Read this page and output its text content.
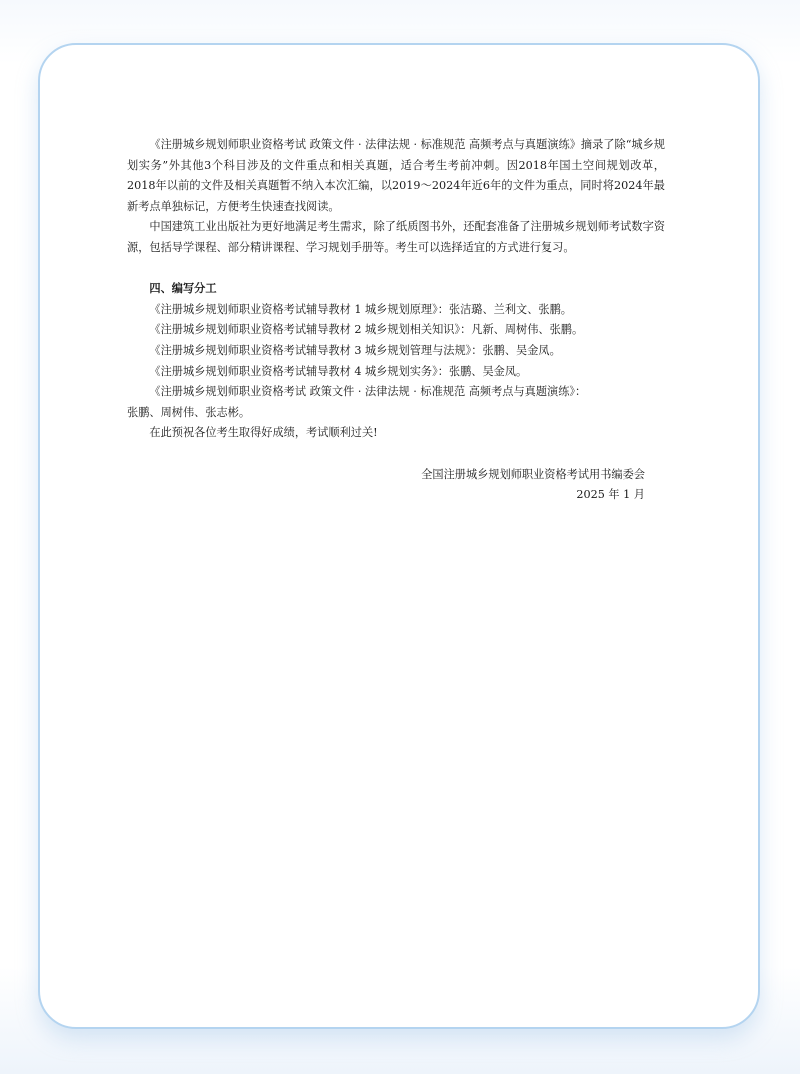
《注册城乡规划师职业资格考试 政策文件 · 法律法规 · 标准规范 高频考点与真题演练》摘录了除“城乡规划实务”外其他3个科目涉及的文件重点和相关真题，适合考生考前冲刺。因2018年国土空间规划改革，2018年以前的文件及相关真题暂不纳入本次汇编，以2019～2024年近6年的文件为重点，同时将2024年最新考点单独标记，方便考生快速查找阅读。

中国建筑工业出版社为更好地满足考生需求，除了纸质图书外，还配套准备了注册城乡规划师考试数字资源，包括导学课程、部分精讲课程、学习规划手册等。考生可以选择适宜的方式进行复习。

四、编写分工

《注册城乡规划师职业资格考试辅导教材 1 城乡规划原理》：张洁璐、兰利文、张鹏。

《注册城乡规划师职业资格考试辅导教材 2 城乡规划相关知识》：凡新、周树伟、张鹏。

《注册城乡规划师职业资格考试辅导教材 3 城乡规划管理与法规》：张鹏、吴金凤。

《注册城乡规划师职业资格考试辅导教材 4 城乡规划实务》：张鹏、吴金凤。

《注册城乡规划师职业资格考试 政策文件 · 法律法规 · 标准规范 高频考点与真题演练》：

张鹏、周树伟、张志彬。

在此预祝各位考生取得好成绩，考试顺利过关!

全国注册城乡规划师职业资格考试用书编委会
2025 年 1 月
